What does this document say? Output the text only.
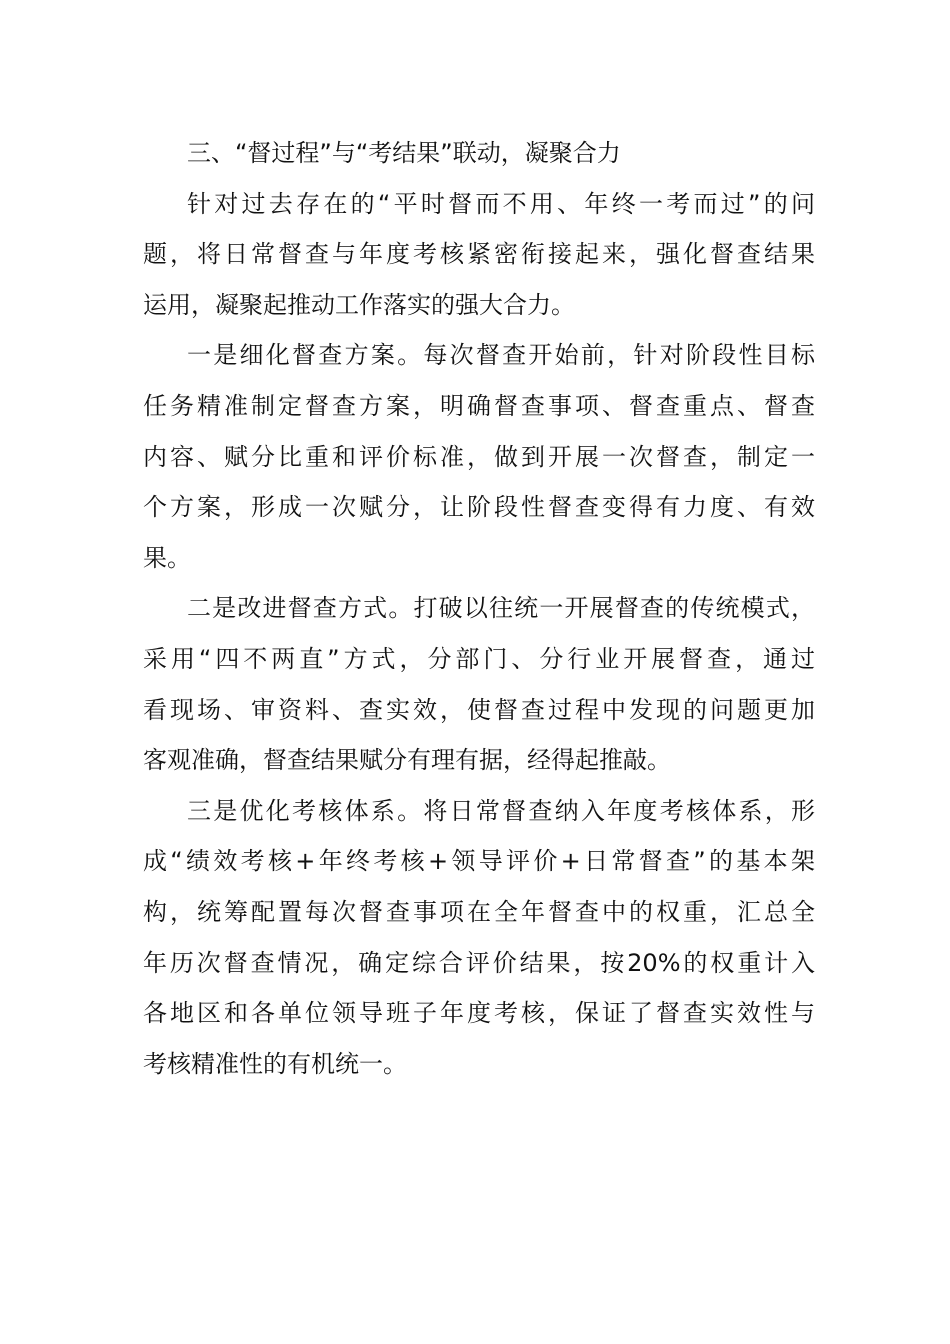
三、“督过程”与“考结果”联动，凝聚合力
针对过去存在的“平时督而不用、年终一考而过”的问
题，将日常督查与年度考核紧密衔接起来，强化督查结果
运用，凝聚起推动工作落实的强大合力。
一是细化督查方案。每次督查开始前，针对阶段性目标
任务精准制定督查方案，明确督查事项、督查重点、督查
内容、赋分比重和评价标准，做到开展一次督查，制定一
个方案，形成一次赋分，让阶段性督查变得有力度、有效
果。
二是改进督查方式。打破以往统一开展督查的传统模式，
采用“四不两直”方式，分部门、分行业开展督查，通过
看现场、审资料、查实效，使督查过程中发现的问题更加
客观准确，督查结果赋分有理有据，经得起推敲。
三是优化考核体系。将日常督查纳入年度考核体系，形
成“绩效考核+年终考核+领导评价+日常督查”的基本架
构，统筹配置每次督查事项在全年督查中的权重，汇总全
年历次督查情况，确定综合评价结果，按20%的权重计入
各地区和各单位领导班子年度考核，保证了督查实效性与
考核精准性的有机统一。
